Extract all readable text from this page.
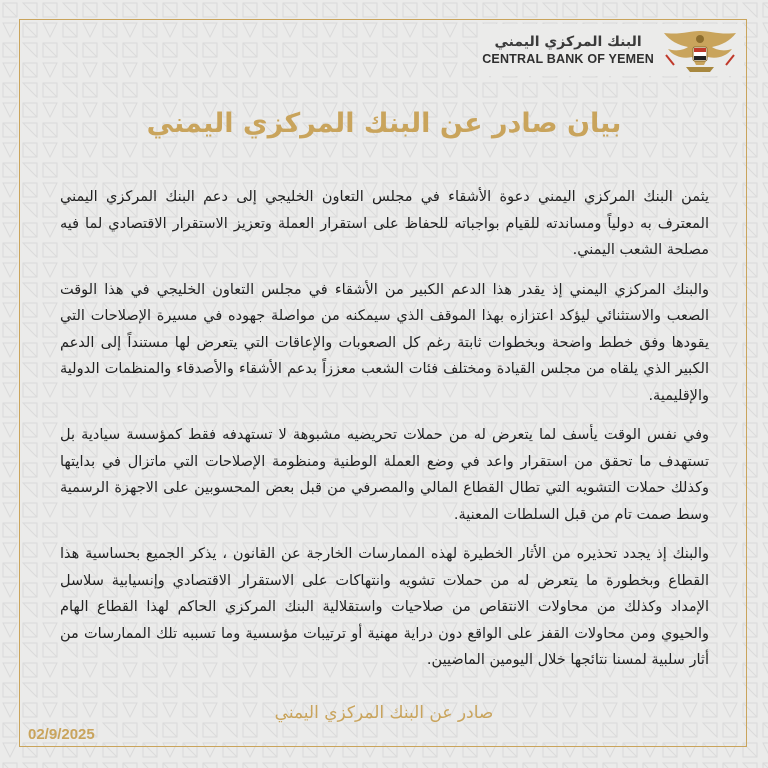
البنك المركزي اليمني
CENTRAL BANK OF YEMEN
بيان صادر عن البنك المركزي اليمني

يثمن البنك المركزي اليمني دعوة الأشقاء في مجلس التعاون الخليجي إلى دعم البنك المركزي اليمني المعترف به دولياً ومساندته للقيام بواجباته للحفاظ على استقرار العملة وتعزيز الاستقرار الاقتصادي لما فيه مصلحة الشعب اليمني.

والبنك المركزي اليمني إذ يقدر هذا الدعم الكبير من الأشقاء في مجلس التعاون الخليجي في هذا الوقت الصعب والاستثنائي ليؤكد اعتزازه بهذا الموقف الذي سيمكنه من مواصلة جهوده في مسيرة الإصلاحات التي يقودها وفق خطط واضحة وبخطوات ثابتة رغم كل الصعوبات والإعاقات التي يتعرض لها مستنداً إلى الدعم الكبير الذي يلقاه من مجلس القيادة ومختلف فئات الشعب معززاً بدعم الأشقاء والأصدقاء والمنظمات الدولية والإقليمية.

وفي نفس الوقت يأسف لما يتعرض له من حملات تحريضيه مشبوهة لا تستهدفه فقط كمؤسسة سيادية بل تستهدف ما تحقق من استقرار واعد في وضع العملة الوطنية ومنظومة الإصلاحات التي ماتزال في بدايتها وكذلك حملات التشويه التي تطال القطاع المالي والمصرفي من قبل بعض المحسوبين على الاجهزة الرسمية وسط صمت تام من قبل السلطات المعنية.

والبنك إذ يجدد تحذيره من الأثار الخطيرة لهذه الممارسات الخارجة عن القانون ، يذكر الجميع بحساسية هذا القطاع وبخطورة ما يتعرض له من حملات تشويه وانتهاكات على الاستقرار الاقتصادي وإنسيابية سلاسل الإمداد وكذلك من محاولات الانتقاص من صلاحيات واستقلالية البنك المركزي الحاكم لهذا القطاع الهام والحيوي ومن محاولات القفز على الواقع دون دراية مهنية أو ترتيبات مؤسسية وما تسببه تلك الممارسات من أثار سلبية لمسنا نتائجها خلال اليومين الماضيين.

صادر عن البنك المركزي اليمني
02/9/2025
